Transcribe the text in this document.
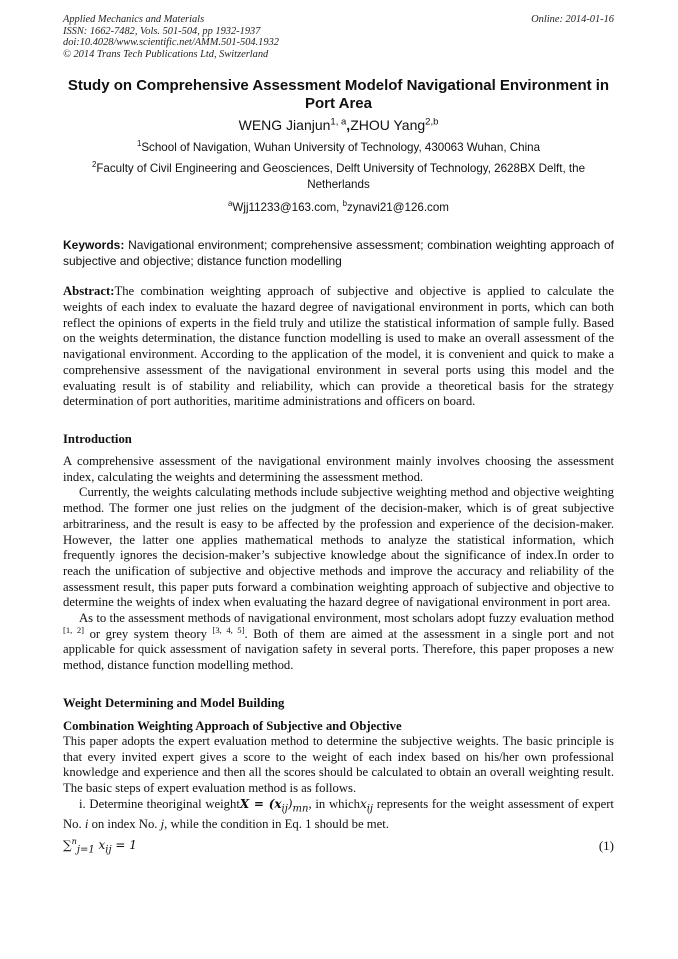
Applied Mechanics and Materials	Online: 2014-01-16
ISSN: 1662-7482, Vols. 501-504, pp 1932-1937
doi:10.4028/www.scientific.net/AMM.501-504.1932
© 2014 Trans Tech Publications Ltd, Switzerland
Study on Comprehensive Assessment Modelof Navigational Environment in Port Area
WENG Jianjun$^{1, a}$,ZHOU Yang$^{2,b}$
$^1$School of Navigation, Wuhan University of Technology, 430063 Wuhan, China
$^2$Faculty of Civil Engineering and Geosciences, Delft University of Technology, 2628BX Delft, the Netherlands
$^a$Wjj11233@163.com, $^b$zynavi21@126.com
Keywords: Navigational environment; comprehensive assessment; combination weighting approach of subjective and objective; distance function modelling
Abstract:The combination weighting approach of subjective and objective is applied to calculate the weights of each index to evaluate the hazard degree of navigational environment in ports, which can both reflect the opinions of experts in the field truly and utilize the statistical information of sample fully. Based on the weights determination, the distance function modelling is used to make an overall assessment of the navigational environment. According to the application of the model, it is convenient and quick to make a comprehensive assessment of the navigational environment in several ports using this model and the evaluating result is of stability and reliability, which can provide a theoretical basis for the strategy determination of port authorities, maritime administrations and officers on board.
Introduction

A comprehensive assessment of the navigational environment mainly involves choosing the assessment index, calculating the weights and determining the assessment method.

Currently, the weights calculating methods include subjective weighting method and objective weighting method. The former one just relies on the judgment of the decision-maker, which is of great subjective arbitrariness, and the result is easy to be affected by the profession and experience of the decision-maker. However, the latter one applies mathematical methods to analyze the statistical information, which frequently ignores the decision-maker’s subjective knowledge about the significance of index.In order to reach the unification of subjective and objective methods and improve the accuracy and reliability of the assessment result, this paper puts forward a combination weighting approach of subjective and objective to determine the weights of index when evaluating the hazard degree of navigational environment in port area.

As to the assessment methods of navigational environment, most scholars adopt fuzzy evaluation method [1, 2] or grey system theory [3, 4, 5]. Both of them are aimed at the assessment in a single port and not applicable for quick assessment of navigation safety in several ports. Therefore, this paper proposes a new method, distance function modelling method.

Weight Determining and Model Building
Combination Weighting Approach of Subjective and Objective

This paper adopts the expert evaluation method to determine the subjective weights. The basic principle is that every invited expert gives a score to the weight of each index based on his/her own professional knowledge and experience and then all the scores should be calculated to obtain an overall weighting result. The basic steps of expert evaluation method is as follows.

i. Determine theoriginal weightX = $(x_{ij})_{mn}$, in whichx$_{ij}$ represents for the weight assessment of expert No. i on index No. j, while the condition in Eq. 1 should be met.

∑$^n_{j=1}$ $x_{ij} = 1$	(1)
